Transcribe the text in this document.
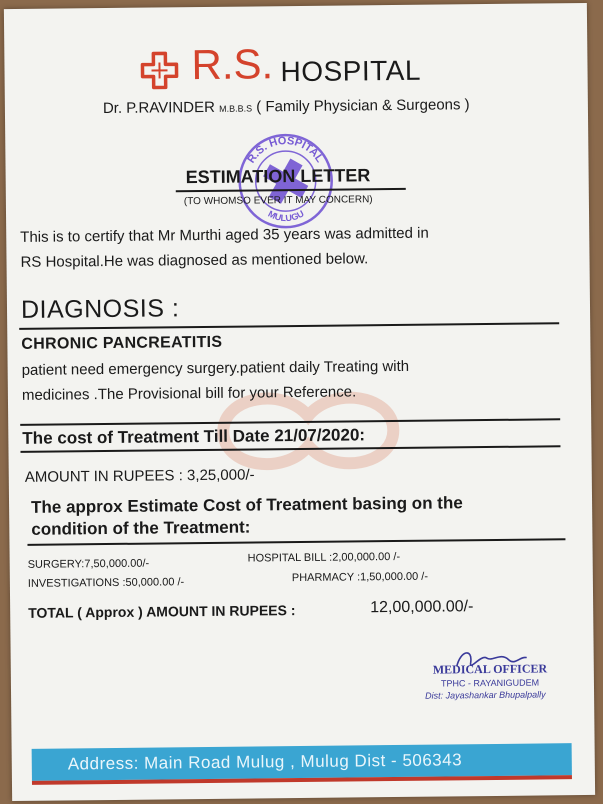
R.S. HOSPITAL
Dr. P.RAVINDER M.B.B.S ( Family Physician & Surgeons )
R.S. HOSPITAL
MULUGU
ESTIMATION LETTER
(TO WHOMSO EVER IT MAY CONCERN)
This is to certify that Mr Murthi aged 35 years was admitted in
RS Hospital.He was diagnosed as mentioned below.
DIAGNOSIS :
CHRONIC PANCREATITIS
patient need emergency surgery.patient daily Treating with
medicines .The Provisional bill for your Reference.
The cost of Treatment Till Date 21/07/2020:
AMOUNT IN RUPEES : 3,25,000/-
The approx Estimate Cost of Treatment basing on the
condition of the Treatment:
SURGERY:7,50,000.00/-	HOSPITAL BILL :2,00,000.00 /-
INVESTIGATIONS :50,000.00 /-	PHARMACY :1,50,000.00 /-
TOTAL ( Approx ) AMOUNT IN RUPEES :	12,00,000.00/-
MEDICAL OFFICER
TPHC - RAYANIGUDEM
Dist: Jayashankar Bhupalpally
Address: Main Road Mulug , Mulug Dist - 506343
